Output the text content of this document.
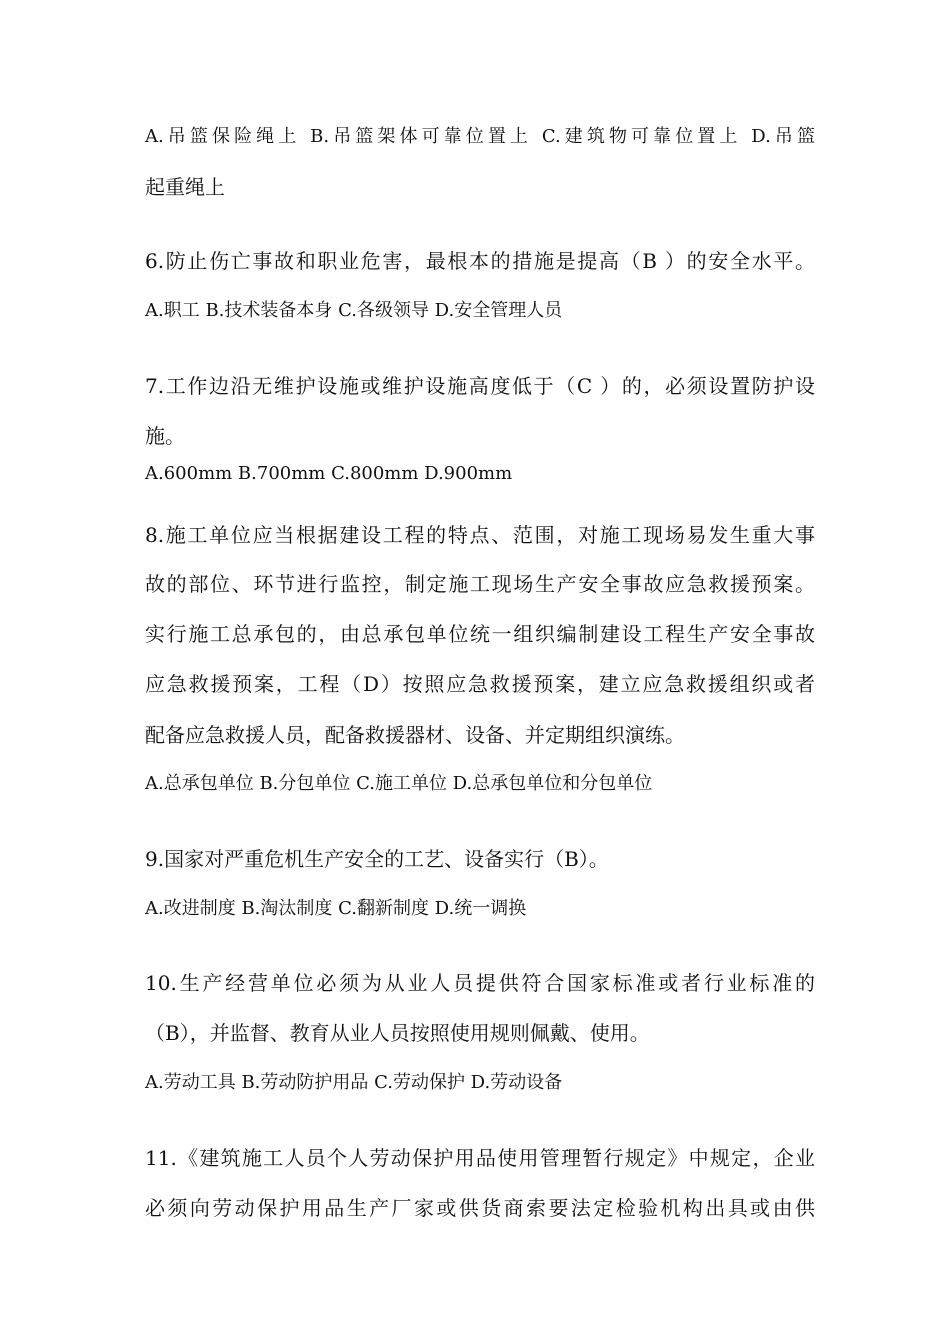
A.吊篮保险绳上 B.吊篮架体可靠位置上 C.建筑物可靠位置上 D.吊篮
起重绳上
6.防止伤亡事故和职业危害，最根本的措施是提高（B ）的安全水平。
A.职工 B.技术装备本身 C.各级领导 D.安全管理人员
7.工作边沿无维护设施或维护设施高度低于（C ）的，必须设置防护设
施。
A.600mm B.700mm C.800mm D.900mm
8.施工单位应当根据建设工程的特点、范围，对施工现场易发生重大事
故的部位、环节进行监控，制定施工现场生产安全事故应急救援预案。
实行施工总承包的，由总承包单位统一组织编制建设工程生产安全事故
应急救援预案，工程（D）按照应急救援预案，建立应急救援组织或者
配备应急救援人员，配备救援器材、设备、并定期组织演练。
A.总承包单位 B.分包单位 C.施工单位 D.总承包单位和分包单位
9.国家对严重危机生产安全的工艺、设备实行（B）。
A.改进制度 B.淘汰制度 C.翻新制度 D.统一调换
10.生产经营单位必须为从业人员提供符合国家标准或者行业标准的
（B），并监督、教育从业人员按照使用规则佩戴、使用。
A.劳动工具 B.劳动防护用品 C.劳动保护 D.劳动设备
11.《建筑施工人员个人劳动保护用品使用管理暂行规定》中规定，企业
必须向劳动保护用品生产厂家或供货商索要法定检验机构出具或由供
